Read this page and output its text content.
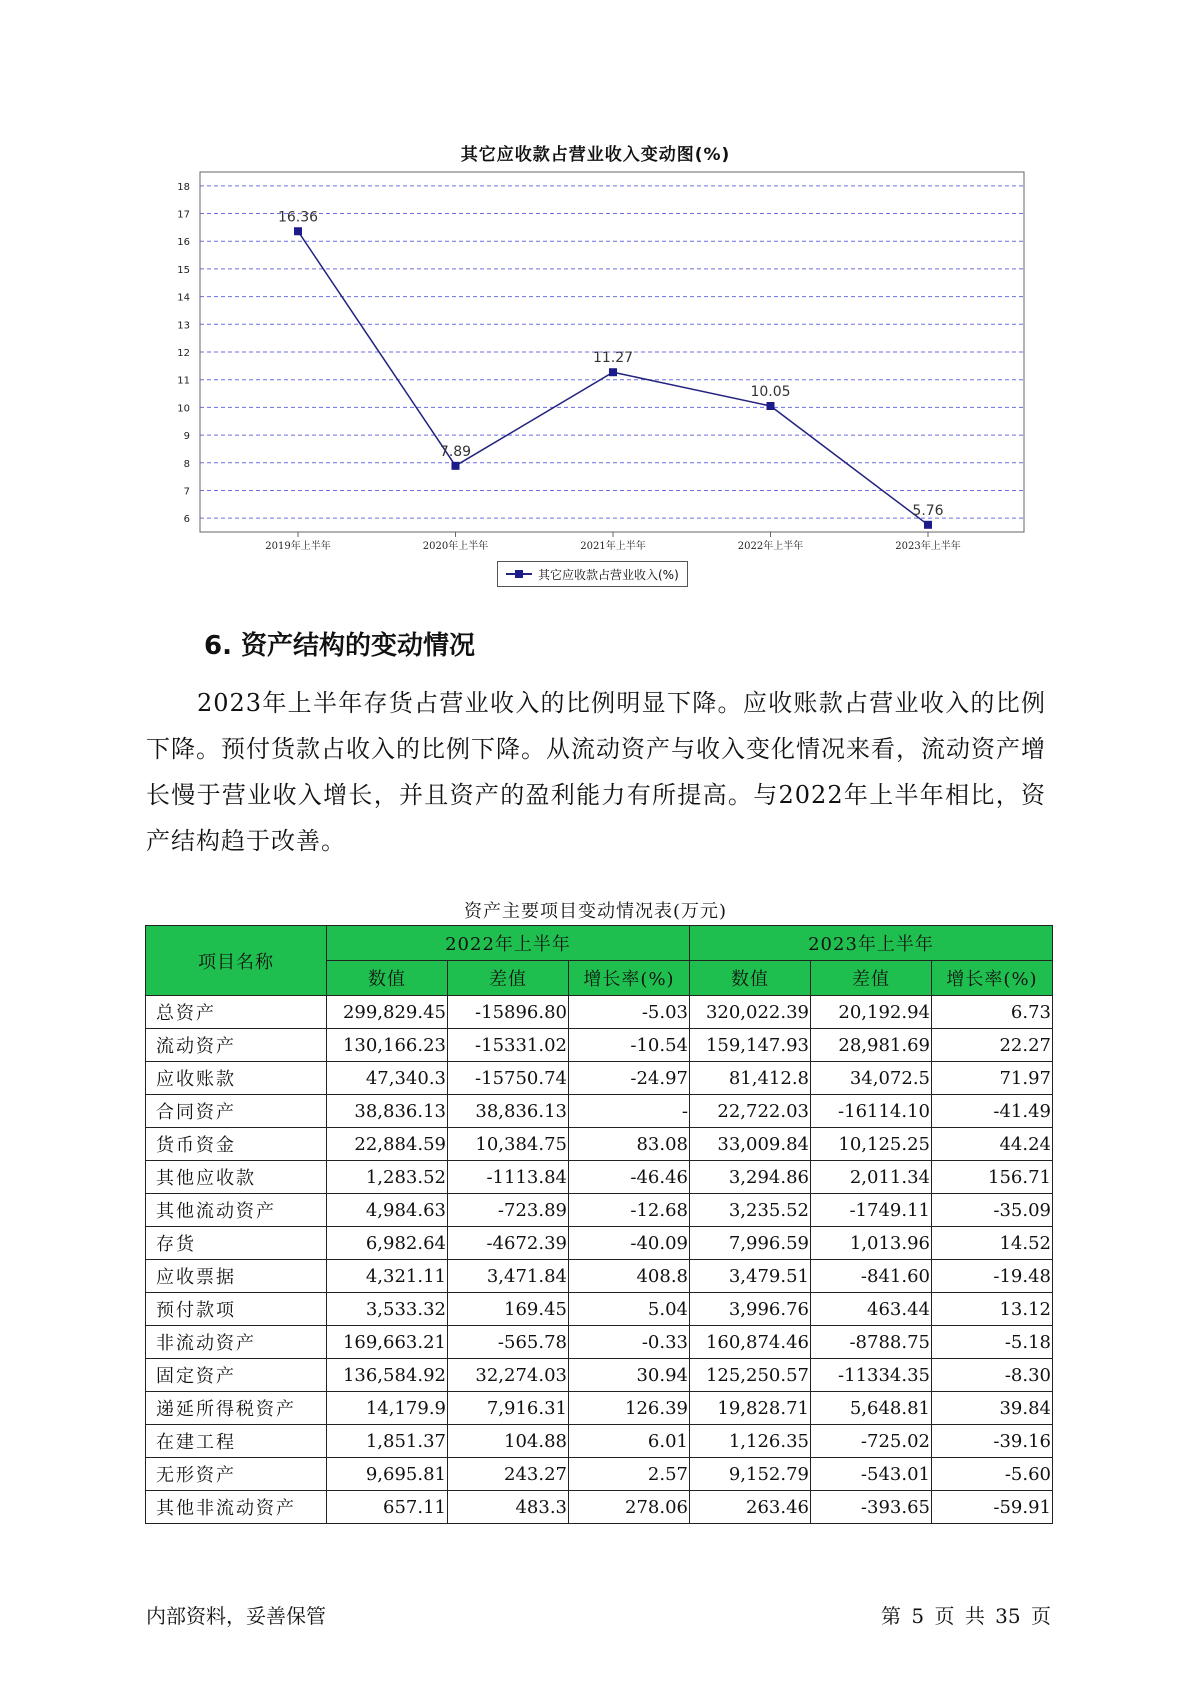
其它应收款占营业收入变动图(%)
6
7
8
9
10
11
12
13
14
15
16
17
18
2019年上半年	2020年上半年	2021年上半年	2022年上半年	2023年上半年
16.36
7.89
11.27
10.05
5.76
其它应收款占营业收入(%)
6. 资产结构的变动情况

2023年上半年存货占营业收入的比例明显下降。应收账款占营业收入的比例下降。预付货款占收入的比例下降。从流动资产与收入变化情况来看，流动资产增长慢于营业收入增长，并且资产的盈利能力有所提高。与2022年上半年相比，资产结构趋于改善。

资产主要项目变动情况表(万元)
项目名称	2022年上半年			2023年上半年		
	数值	差值	增长率(%)	数值	差值	增长率(%)
总资产	299,829.45	-15896.80	-5.03	320,022.39	20,192.94	6.73
流动资产	130,166.23	-15331.02	-10.54	159,147.93	28,981.69	22.27
应收账款	47,340.3	-15750.74	-24.97	81,412.8	34,072.5	71.97
合同资产	38,836.13	38,836.13	-	22,722.03	-16114.10	-41.49
货币资金	22,884.59	10,384.75	83.08	33,009.84	10,125.25	44.24
其他应收款	1,283.52	-1113.84	-46.46	3,294.86	2,011.34	156.71
其他流动资产	4,984.63	-723.89	-12.68	3,235.52	-1749.11	-35.09
存货	6,982.64	-4672.39	-40.09	7,996.59	1,013.96	14.52
应收票据	4,321.11	3,471.84	408.8	3,479.51	-841.60	-19.48
预付款项	3,533.32	169.45	5.04	3,996.76	463.44	13.12
非流动资产	169,663.21	-565.78	-0.33	160,874.46	-8788.75	-5.18
固定资产	136,584.92	32,274.03	30.94	125,250.57	-11334.35	-8.30
递延所得税资产	14,179.9	7,916.31	126.39	19,828.71	5,648.81	39.84
在建工程	1,851.37	104.88	6.01	1,126.35	-725.02	-39.16
无形资产	9,695.81	243.27	2.57	9,152.79	-543.01	-5.60
其他非流动资产	657.11	483.3	278.06	263.46	-393.65	-59.91
内部资料，妥善保管	第 5 页 共 35 页
